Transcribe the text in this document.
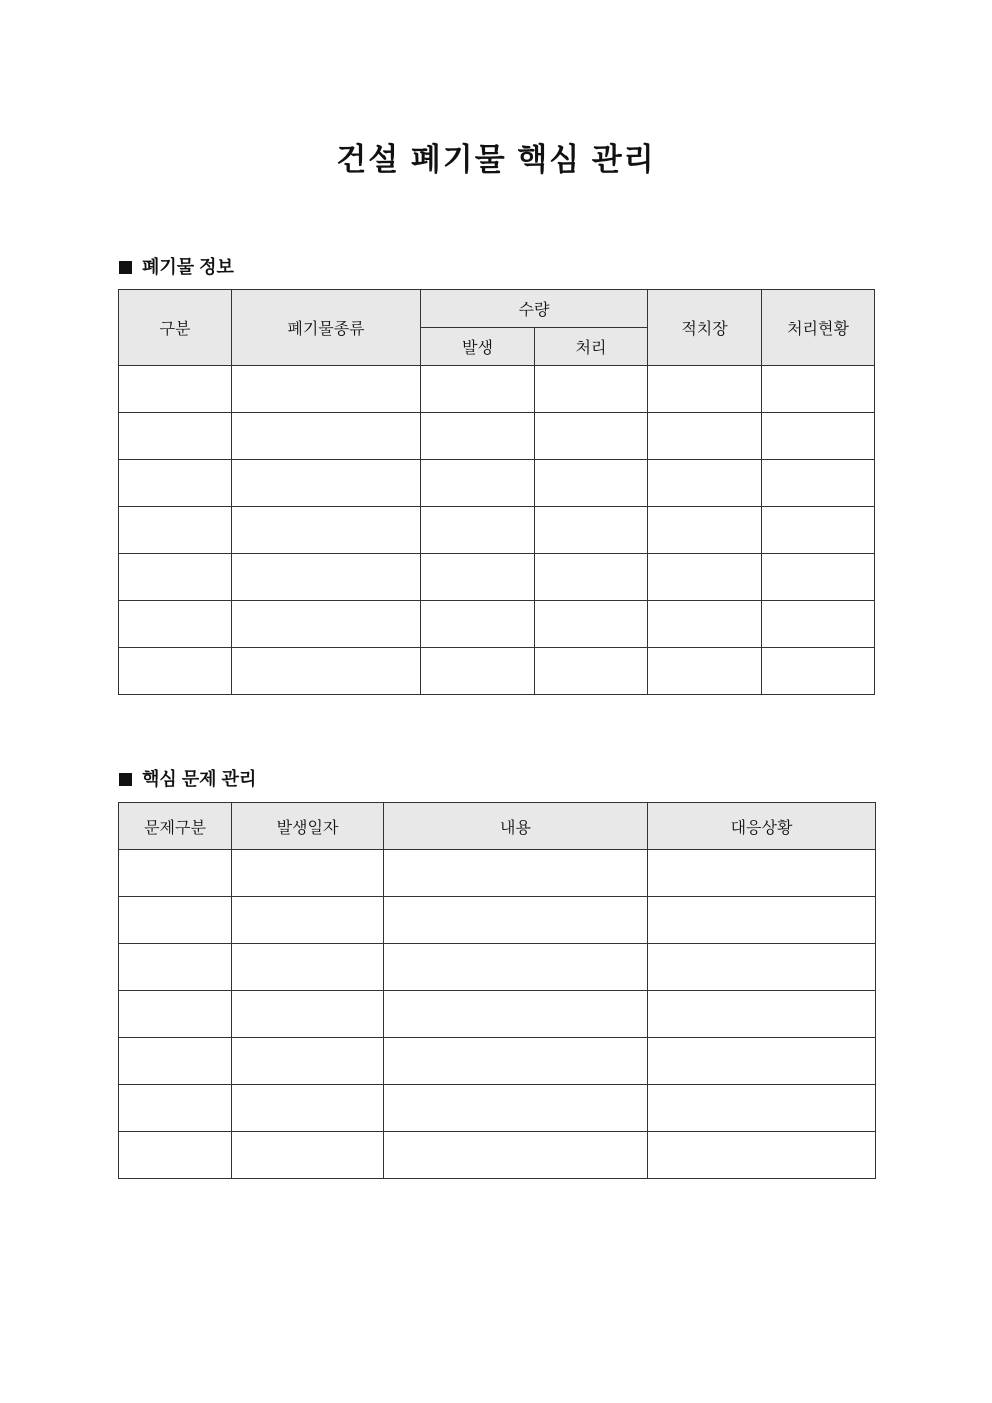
건설 폐기물 핵심 관리
폐기물 정보
구분	폐기물종류	수량		적치장	처리현황
		발생	처리		

핵심 문제 관리
문제구분	발생일자	내용	대응상황
